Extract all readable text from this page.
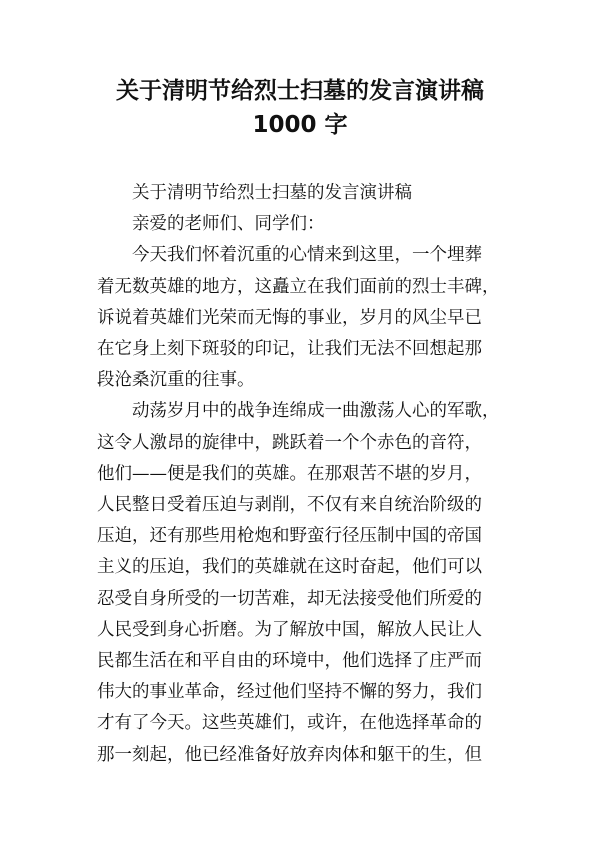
关于清明节给烈士扫墓的发言演讲稿
1000 字

关于清明节给烈士扫墓的发言演讲稿

亲爱的老师们、同学们：

今天我们怀着沉重的心情来到这里，一个埋葬
着无数英雄的地方，这矗立在我们面前的烈士丰碑，
诉说着英雄们光荣而无悔的事业，岁月的风尘早已
在它身上刻下斑驳的印记，让我们无法不回想起那
段沧桑沉重的往事。

动荡岁月中的战争连绵成一曲激荡人心的军歌，
这令人激昂的旋律中，跳跃着一个个赤色的音符，
他们——便是我们的英雄。在那艰苦不堪的岁月，
人民整日受着压迫与剥削，不仅有来自统治阶级的
压迫，还有那些用枪炮和野蛮行径压制中国的帝国
主义的压迫，我们的英雄就在这时奋起，他们可以
忍受自身所受的一切苦难，却无法接受他们所爱的
人民受到身心折磨。为了解放中国，解放人民让人
民都生活在和平自由的环境中，他们选择了庄严而
伟大的事业革命，经过他们坚持不懈的努力，我们
才有了今天。这些英雄们，或许，在他选择革命的
那一刻起，他已经准备好放弃肉体和躯干的生，但
